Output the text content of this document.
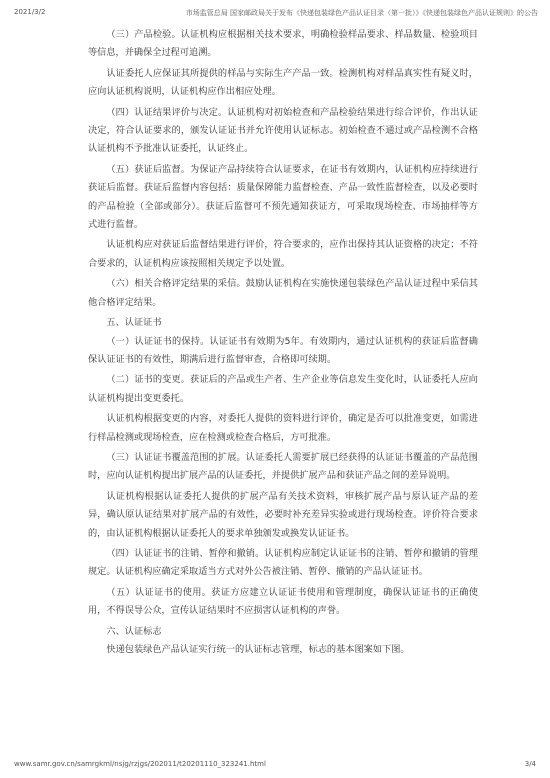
2021/3/2	市场监管总局 国家邮政局关于发布《快递包装绿色产品认证目录（第一批）》《快递包装绿色产品认证规则》的公告

（三）产品检验。认证机构应根据相关技术要求，明确检验样品要求、样品数量、检验项目等信息，并确保全过程可追溯。

认证委托人应保证其所提供的样品与实际生产产品一致。检测机构对样品真实性有疑义时，应向认证机构说明，认证机构应作出相应处理。

（四）认证结果评价与决定。认证机构对初始检查和产品检验结果进行综合评价，作出认证决定，符合认证要求的，颁发认证证书并允许使用认证标志。初始检查不通过或产品检测不合格认证机构不予批准认证委托，认证终止。

（五）获证后监督。为保证产品持续符合认证要求，在证书有效期内，认证机构应持续进行获证后监督。获证后监督内容包括：质量保障能力监督检查、产品一致性监督检查，以及必要时的产品检验（全部或部分）。获证后监督可不预先通知获证方，可采取现场检查、市场抽样等方式进行监督。

认证机构应对获证后监督结果进行评价，符合要求的，应作出保持其认证资格的决定；不符合要求的，认证机构应该按照相关规定予以处置。

（六）相关合格评定结果的采信。鼓励认证机构在实施快递包装绿色产品认证过程中采信其他合格评定结果。

五、认证证书

（一）认证证书的保持。认证证书有效期为5年。有效期内，通过认证机构的获证后监督确保认证证书的有效性，期满后进行监督审查，合格即可续期。

（二）证书的变更。获证后的产品或生产者、生产企业等信息发生变化时，认证委托人应向认证机构提出变更委托。

认证机构根据变更的内容，对委托人提供的资料进行评价，确定是否可以批准变更，如需进行样品检测或现场检查，应在检测或检查合格后，方可批准。

（三）认证证书覆盖范围的扩展。认证委托人需要扩展已经获得的认证证书覆盖的产品范围时，应向认证机构提出扩展产品的认证委托，并提供扩展产品和获证产品之间的差异说明。

认证机构根据认证委托人提供的扩展产品有关技术资料，审核扩展产品与原认证产品的差异，确认原认证结果对扩展产品的有效性，必要时补充差异实验或进行现场检查。评价符合要求的，由认证机构根据认证委托人的要求单独颁发或换发认证证书。

（四）认证证书的注销、暂停和撤销。认证机构应制定认证证书的注销、暂停和撤销的管理规定。认证机构应确定采取适当方式对外公告被注销、暂停、撤销的产品认证证书。

（五）认证证书的使用。获证方应建立认证证书使用和管理制度，确保认证证书的正确使用，不得误导公众，宣传认证结果时不应损害认证机构的声誉。

六、认证标志

快递包装绿色产品认证实行统一的认证标志管理，标志的基本图案如下图。

www.samr.gov.cn/samrgkml/nsjg/rzjgs/202011/t20201110_323241.html	3/4
